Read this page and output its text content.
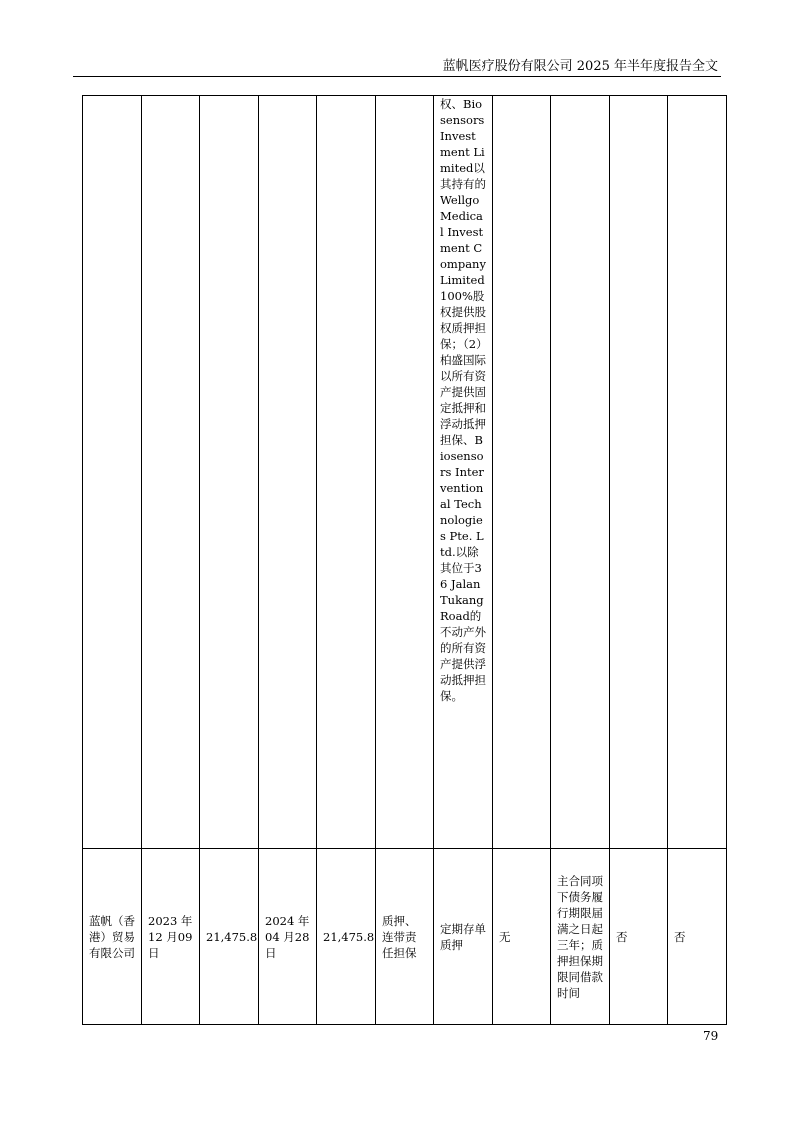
蓝帆医疗股份有限公司 2025 年半年度报告全文
						权、Biosensors Investment Limited以其持有的Wellgo Medical Investment Company Limited 100%股权提供股权质押担保；（2）柏盛国际以所有资产提供固定抵押和浮动抵押担保、Biosensors Interventional Technologies Pte. Ltd.以除其位于36 Jalan Tukang Road的不动产外的所有资产提供浮动抵押担保。				
蓝帆（香港）贸易有限公司	2023 年12 月09 日	21,475.8	2024 年04 月28 日	21,475.8	质押、连带责任担保	定期存单质押	无	主合同项下债务履行期限届满之日起三年；质押担保期限同借款时间	否	否
79
